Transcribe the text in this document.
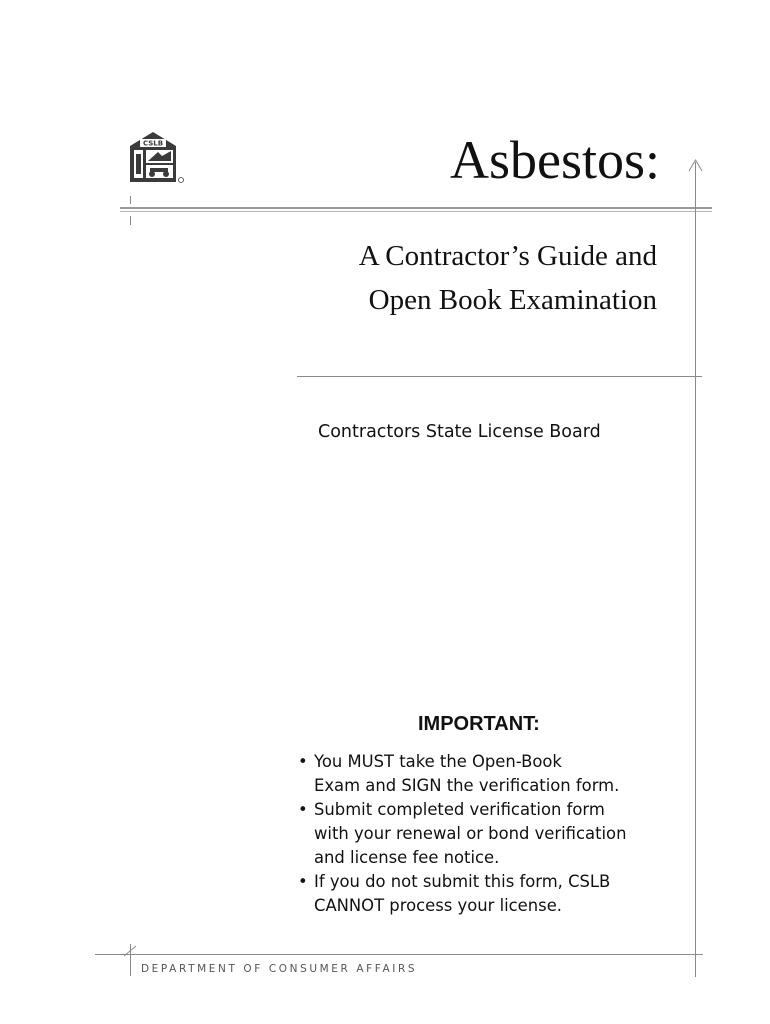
CSLB	Asbestos:
A Contractor’s Guide and
Open Book Examination
Contractors State License Board
IMPORTANT:
• You MUST take the Open-Book
Exam and SIGN the verification form.
• Submit completed verification form
with your renewal or bond verification
and license fee notice.
• If you do not submit this form, CSLB
CANNOT process your license.
DEPARTMENT OF CONSUMER AFFAIRS
